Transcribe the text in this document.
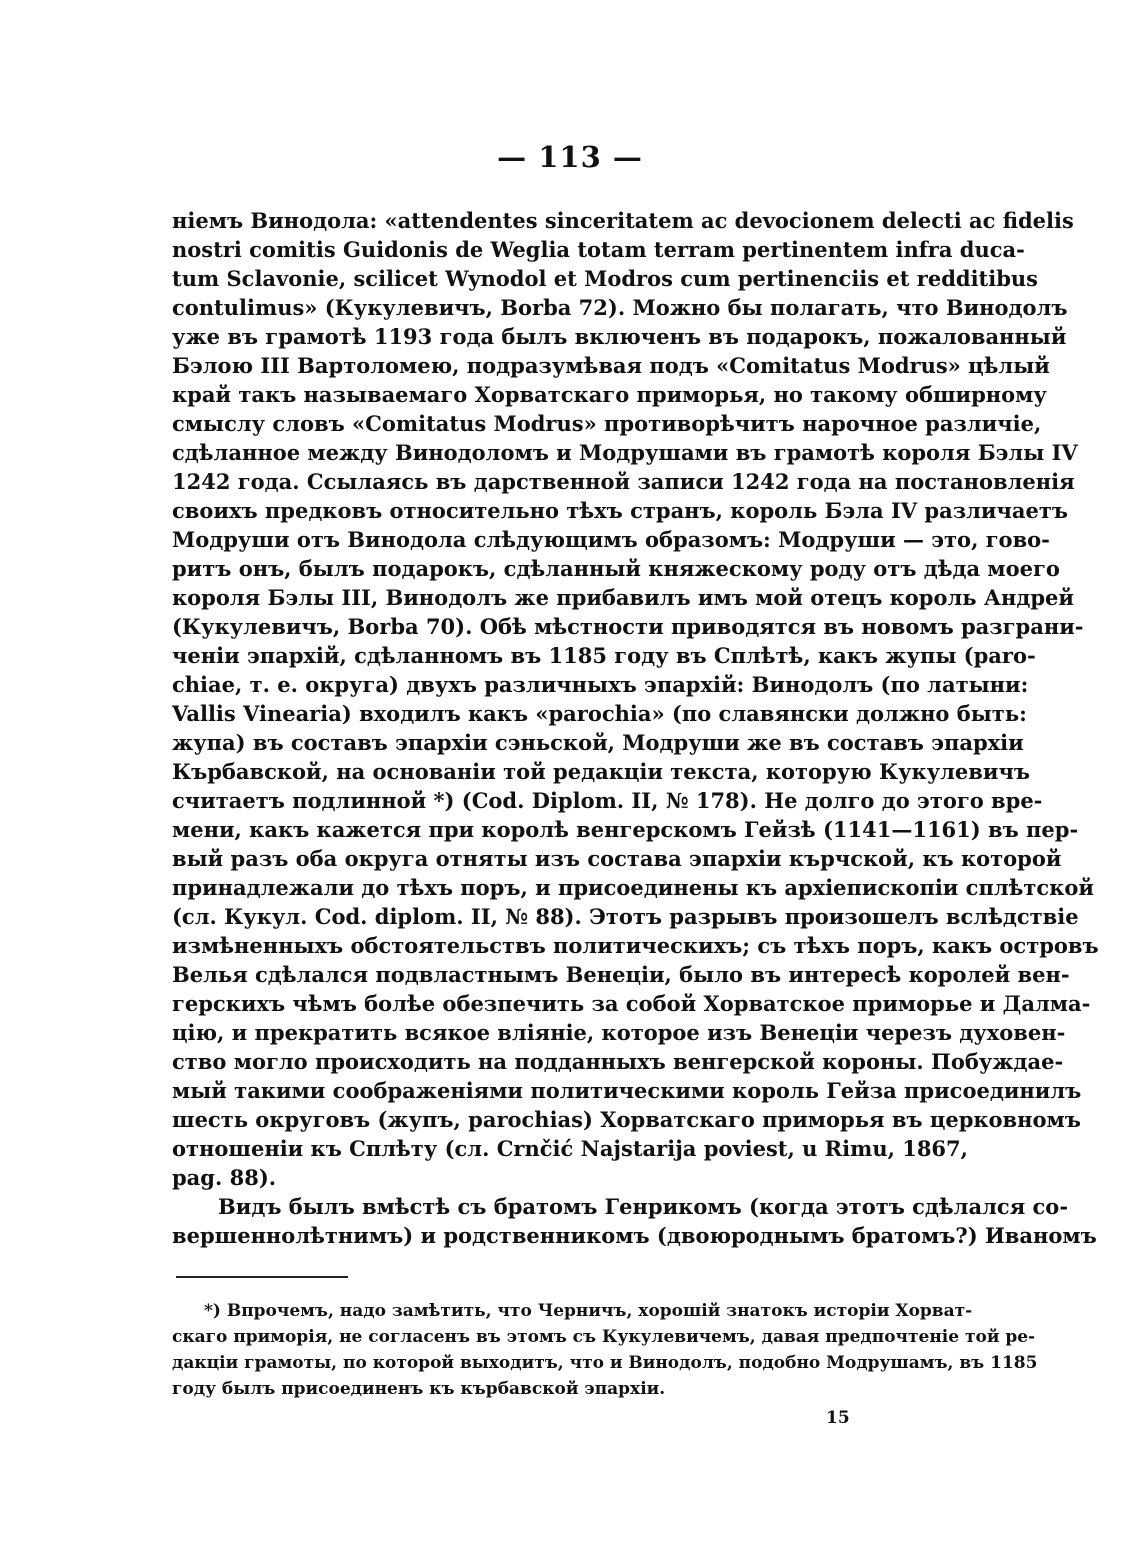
— 113 —
ніемъ Винодола: «attendentes sinceritatem ac devocionem delecti ac fidelis
nostri comitis Guidonis de Weglia totam terram pertinentem infra duca-
tum Sclavonie, scilicet Wynodol et Modros cum pertinenciis et redditibus
contulimus» (Кукулевичъ, Borba 72). Можно бы полагать, что Винодолъ
уже въ грамотѣ 1193 года былъ включенъ въ подарокъ, пожалованный
Бэлою III Вартоломею, подразумѣвая подъ «Comitatus Modrus» цѣлый
край такъ называемаго Хорватскаго приморья, но такому обширному
смыслу словъ «Comitatus Modrus» противорѣчитъ нарочное различіе,
сдѣланное между Винодоломъ и Модрушами въ грамотѣ короля Бэлы IV
1242 года. Ссылаясь въ дарственной записи 1242 года на постановленія
своихъ предковъ относительно тѣхъ странъ, король Бэла IV различаетъ
Модруши отъ Винодола слѣдующимъ образомъ: Модруши — это, гово-
ритъ онъ, былъ подарокъ, сдѣланный княжескому роду отъ дѣда моего
короля Бэлы III, Винодолъ же прибавилъ имъ мой отецъ король Андрей
(Кукулевичъ, Borba 70). Обѣ мѣстности приводятся въ новомъ разграни-
ченіи эпархій, сдѣланномъ въ 1185 году въ Сплѣтѣ, какъ жупы (paro-
chiae, т. е. округа) двухъ различныхъ эпархій: Винодолъ (по латыни:
Vallis Vinearia) входилъ какъ «parochia» (по славянски должно быть:
жупа) въ составъ эпархіи сэньской, Модруши же въ составъ эпархіи
Кърбавской, на основаніи той редакціи текста, которую Кукулевичъ
считаетъ подлинной *) (Cod. Diplom. II, № 178). Не долго до этого вре-
мени, какъ кажется при королѣ венгерскомъ Гейзѣ (1141—1161) въ пер-
вый разъ оба округа отняты изъ состава эпархіи кърчской, къ которой
принадлежали до тѣхъ поръ, и присоединены къ архіепископіи сплѣтской
(сл. Кукул. Cod. diplom. II, № 88). Этотъ разрывъ произошелъ вслѣдствіе
измѣненныхъ обстоятельствъ политическихъ; съ тѣхъ поръ, какъ островъ
Велья сдѣлался подвластнымъ Венеціи, было въ интересѣ королей вен-
герскихъ чѣмъ болѣе обезпечить за собой Хорватское приморье и Далма-
цію, и прекратить всякое вліяніе, которое изъ Венеціи черезъ духовен-
ство могло происходить на подданныхъ венгерской короны. Побуждае-
мый такими соображеніями политическими король Гейза присоединилъ
шесть округовъ (жупъ, parochias) Хорватскаго приморья въ церковномъ
отношеніи къ Сплѣту (сл. Crnčić Najstarija poviest, u Rimu, 1867,
pag. 88).
Видъ былъ вмѣстѣ съ братомъ Генрикомъ (когда этотъ сдѣлался со-
вершеннолѣтнимъ) и родственникомъ (двоюроднымъ братомъ?) Иваномъ
*) Впрочемъ, надо замѣтить, что Черничъ, хорошій знатокъ исторіи Хорват-
скаго приморія, не согласенъ въ этомъ съ Кукулевичемъ, давая предпочтеніе той ре-
дакціи грамоты, по которой выходитъ, что и Винодолъ, подобно Модрушамъ, въ 1185
году былъ присоединенъ къ кърбавской эпархіи.
15
